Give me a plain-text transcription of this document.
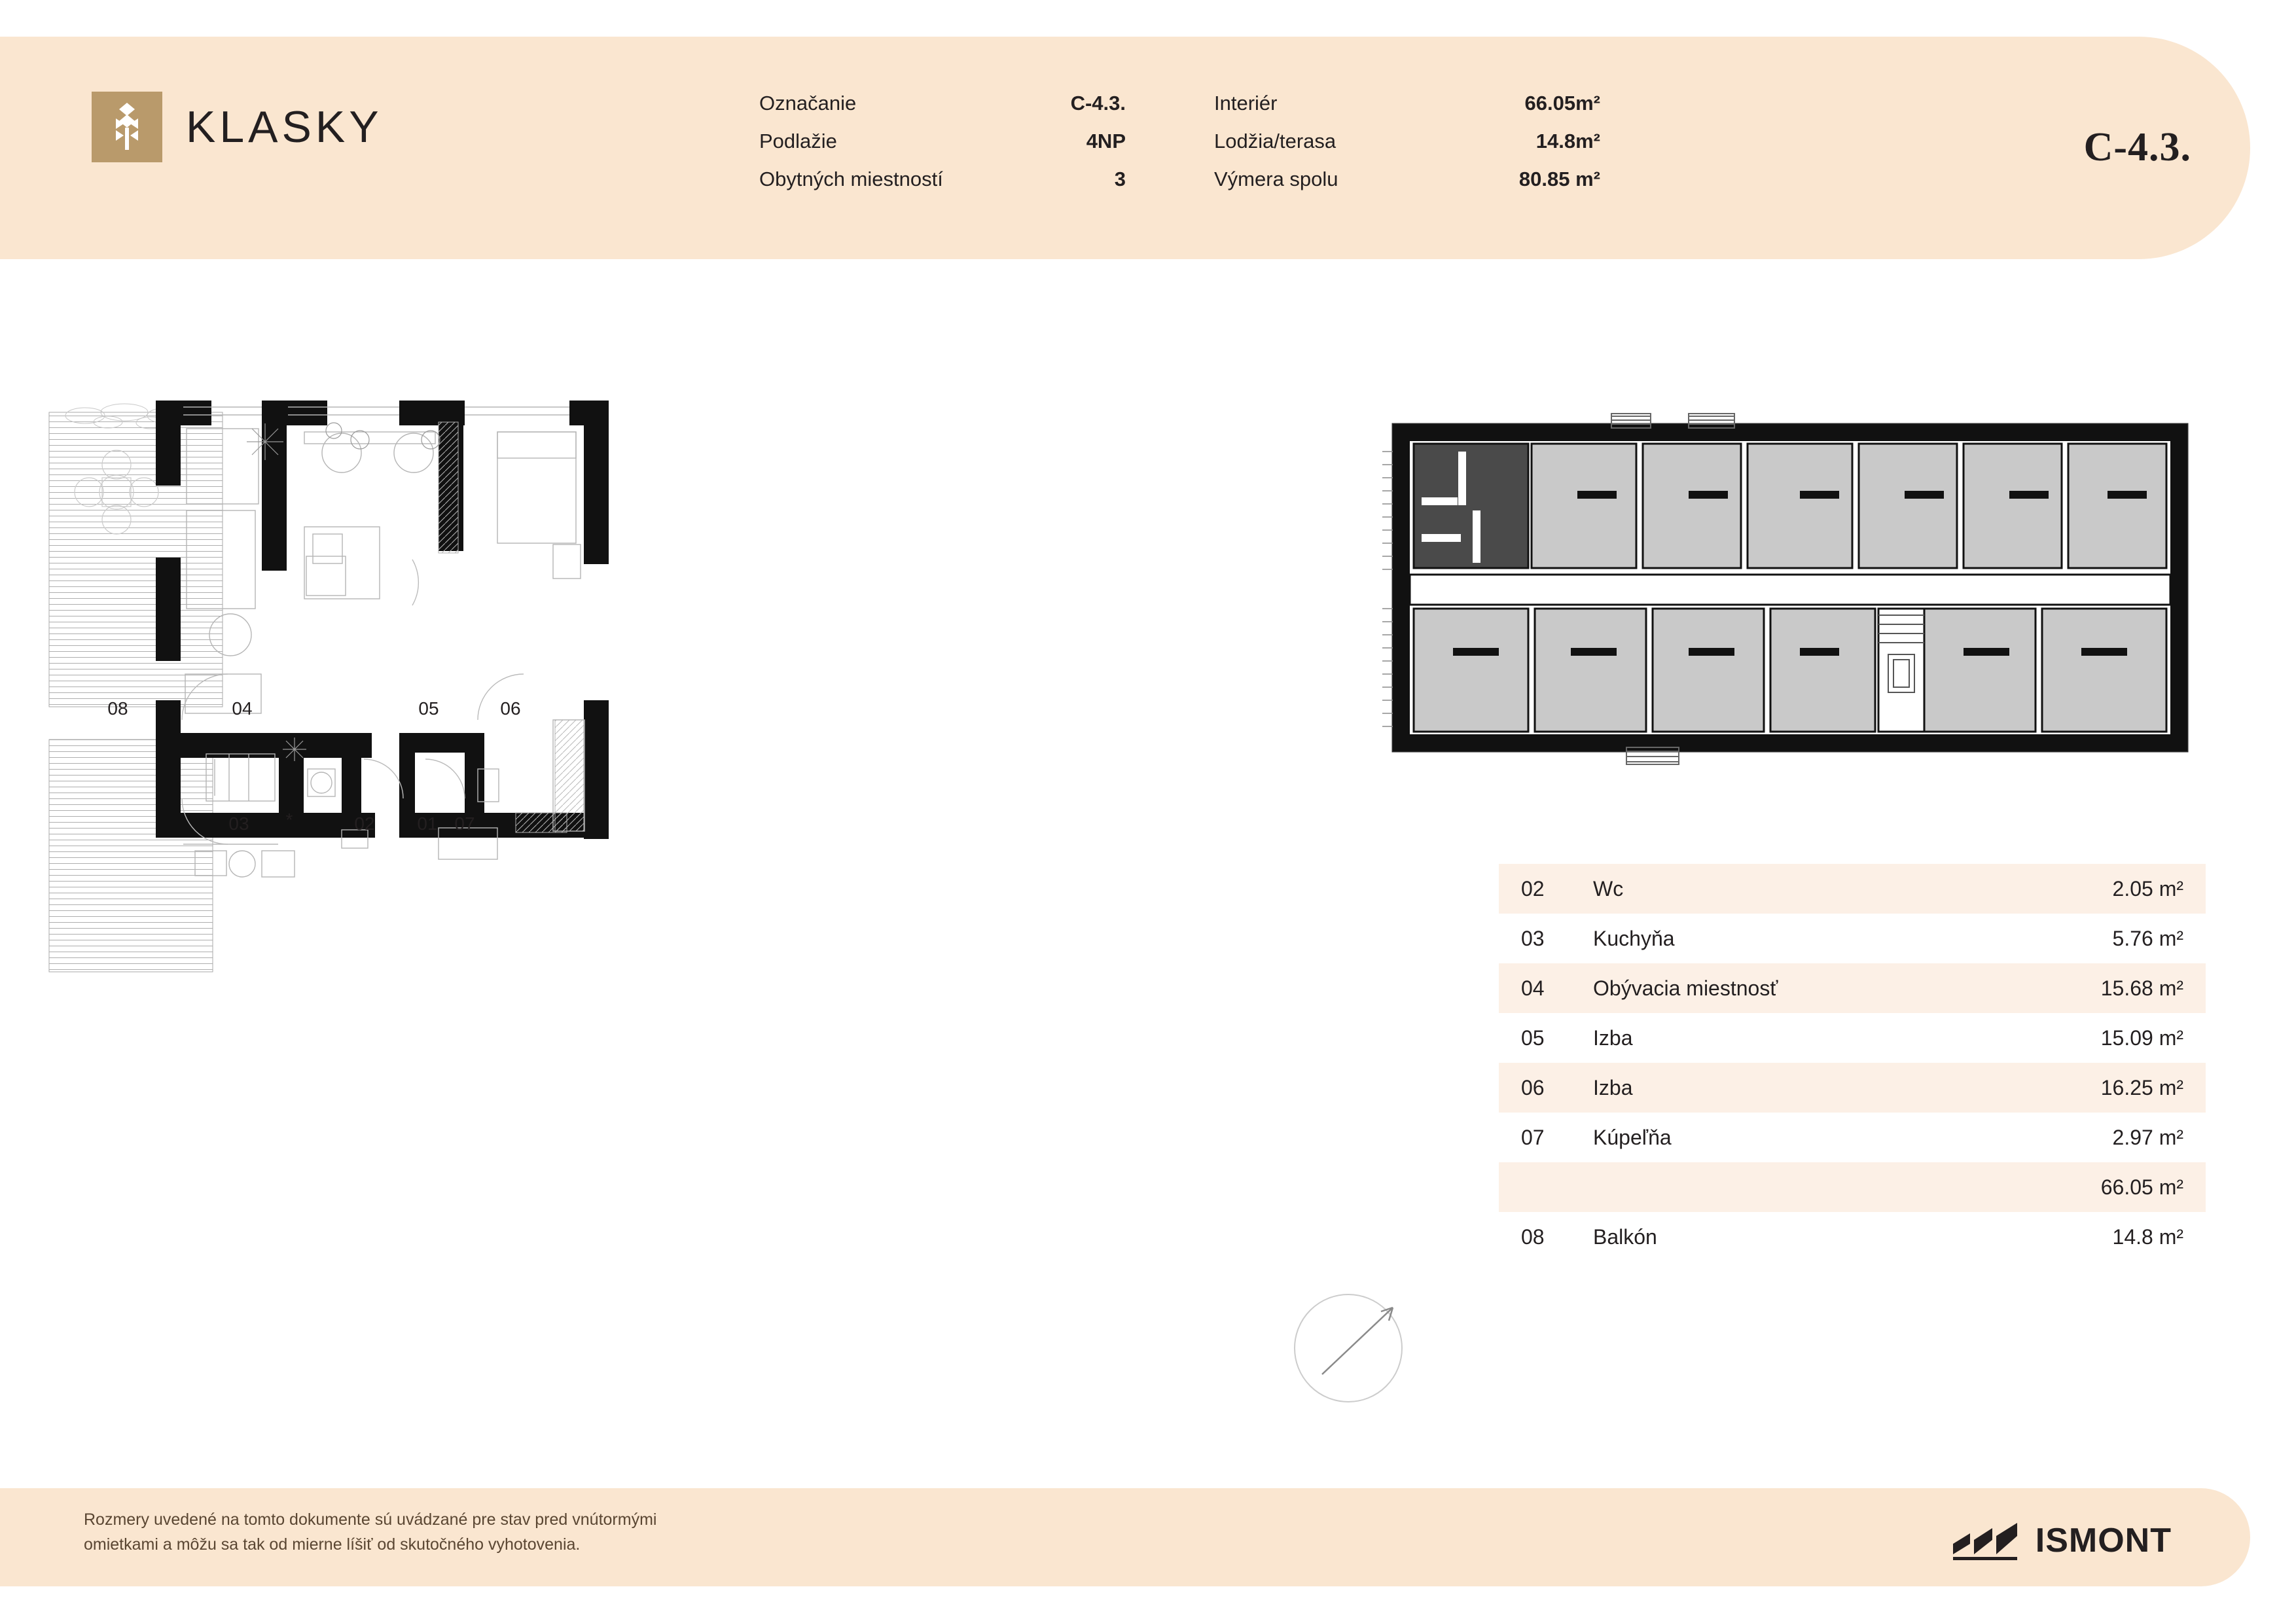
KLASKY	Označanie	C-4.3.
Podlažie	4NP
Obytných miestností	3
Interiér	66.05m²
Lodžia/terasa	14.8m²
Výmera spolu	80.85 m²
C-4.3.
08	04	05	06
03	02 01 07
*
02	Wc	2.05 m²
03	Kuchyňa	5.76 m²
04	Obývacia miestnosť	15.68 m²
05	Izba	15.09 m²
06	Izba	16.25 m²
07	Kúpeľňa	2.97 m²
66.05 m²
08	Balkón	14.8 m²
Rozmery uvedené na tomto dokumente sú uvádzané pre stav pred vnútormými
omietkami a môžu sa tak od mierne líšiť od skutočného vyhotovenia.	ISMONT
